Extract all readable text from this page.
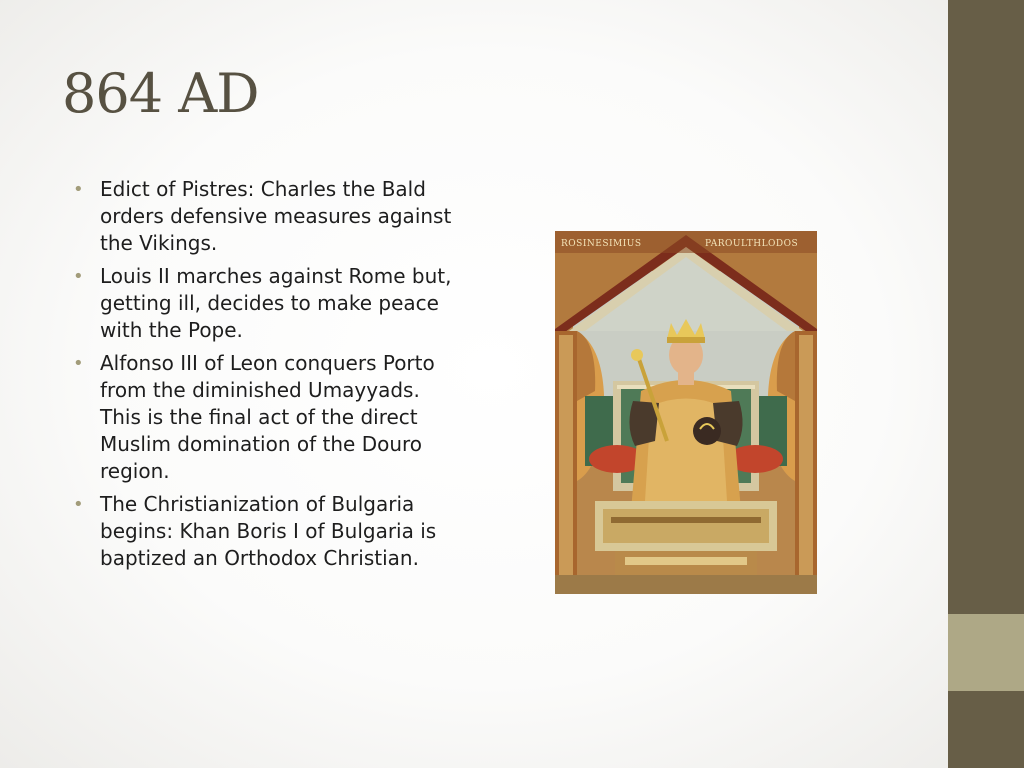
864 AD
• Edict of Pistres: Charles the Bald orders defensive measures against the Vikings.
• Louis II marches against Rome but, getting ill, decides to make peace with the Pope.
• Alfonso III of Leon conquers Porto from the diminished Umayyads. This is the final act of the direct Muslim domination of the Douro region.
• The Christianization of Bulgaria begins: Khan Boris I of Bulgaria is baptized an Orthodox Christian.
ROSINESIMIUS	PAROULTHLODOS
